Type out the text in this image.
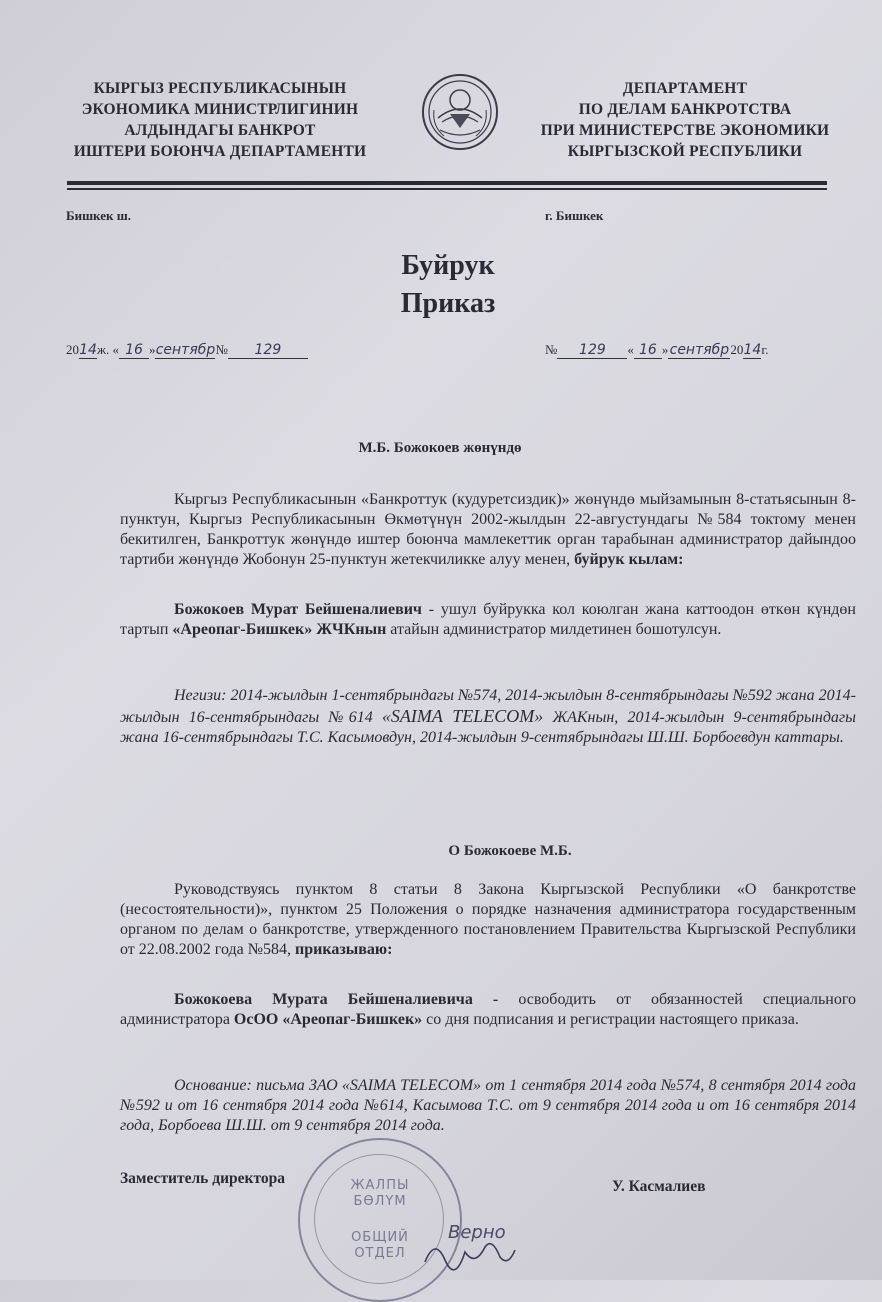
КЫРГЫЗ РЕСПУБЛИКАСЫНЫН
ЭКОНОМИКА МИНИСТРЛИГИНИН
АЛДЫНДАГЫ БАНКРОТ
ИШТЕРИ БОЮНЧА ДЕПАРТАМЕНТИ
ДЕПАРТАМЕНТ
ПО ДЕЛАМ БАНКРОТСТВА
ПРИ МИНИСТЕРСТВЕ ЭКОНОМИКИ
КЫРГЫЗСКОЙ РЕСПУБЛИКИ
Бишкек ш.	г. Бишкек
Буйрук
Приказ
2014ж. « 16 »сентябр№ 129	№ 129 « 16 »сентябр2014г.
М.Б. Божокоев жөнүндө
Кыргыз Республикасынын «Банкроттук (кудуретсиздик)» жөнүндө мыйзамынын 8-статьясынын 8-пунктун, Кыргыз Республикасынын Өкмөтүнүн 2002-жылдын 22-августундагы №584 токтому менен бекитилген, Банкроттук жөнүндө иштер боюнча мамлекеттик орган тарабынан администратор дайындоо тартиби жөнүндө Жобонун 25-пунктун жетекчиликке алуу менен, буйрук кылам:
Божокоев Мурат Бейшеналиевич - ушул буйрукка кол коюлган жана каттоодон өткөн күндөн тартып «Ареопаг-Бишкек» ЖЧКнын атайын администратор милдетинен бошотулсун.
Негизи: 2014-жылдын 1-сентябрындагы №574, 2014-жылдын 8-сентябрындагы №592 жана 2014-жылдын 16-сентябрындагы №614 «SAIMA TELECOM» ЖАКнын, 2014-жылдын 9-сентябрындагы жана 16-сентябрындагы Т.С. Касымовдун, 2014-жылдын 9-сентябрындагы Ш.Ш. Борбоевдун каттары.
О Божокоеве М.Б.
Руководствуясь пунктом 8 статьи 8 Закона Кыргызской Республики «О банкротстве (несостоятельности)», пунктом 25 Положения о порядке назначения администратора государственным органом по делам о банкротстве, утвержденного постановлением Правительства Кыргызской Республики от 22.08.2002 года №584, приказываю:
Божокоева Мурата Бейшеналиевича - освободить от обязанностей специального администратора ОсОО «Ареопаг-Бишкек» со дня подписания и регистрации настоящего приказа.
Основание: письма ЗАО «SAIMA TELECOM» от 1 сентября 2014 года №574, 8 сентября 2014 года №592 и от 16 сентября 2014 года №614, Касымова Т.С. от 9 сентября 2014 года и от 16 сентября 2014 года, Борбоева Ш.Ш. от 9 сентября 2014 года.
Заместитель директора	У. Касмалиев
ЖАЛПЫ
БӨЛҮМ
ОБЩИЙ
ОТДЕЛ
Верно
